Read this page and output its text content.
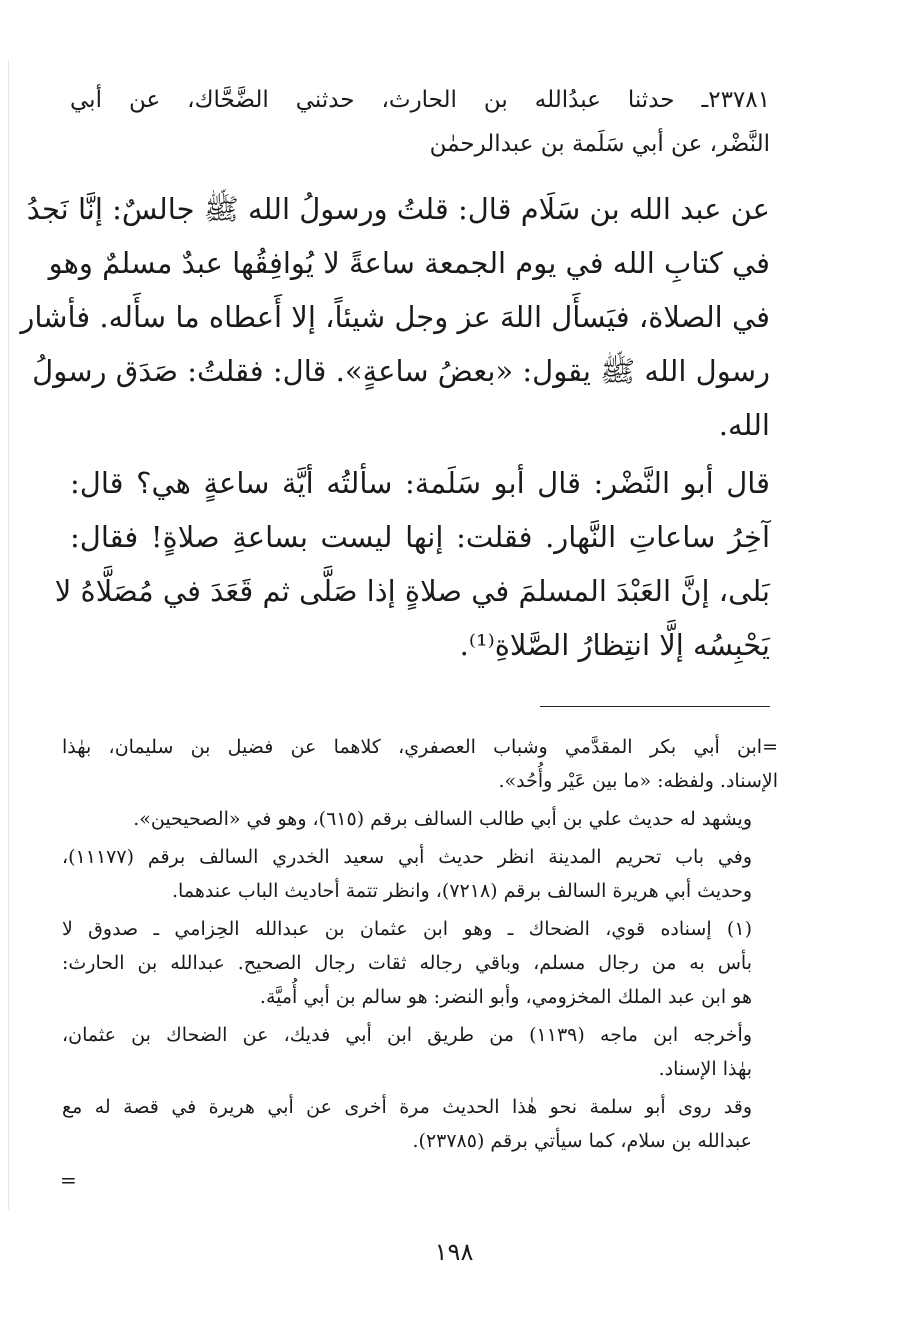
٢٣٧٨١ـ حدثنا عبدُالله بن الحارث، حدثني الضَّحَّاك، عن أبي
النَّضْر، عن أبي سَلَمة بن عبدالرحمٰن
عن عبد الله بن سَلَام قال: قلتُ ورسولُ الله ﷺ جالسٌ: إنَّا نَجدُ
في كتابِ الله في يوم الجمعة ساعةً لا يُوافِقُها عبدٌ مسلمٌ وهو
في الصلاة، فيَسأَل اللهَ عز وجل شيئاً، إلا أَعطاه ما سأَله. فأشار
رسول الله ﷺ يقول: «بعضُ ساعةٍ». قال: فقلتُ: صَدَق رسولُ
الله.
قال أبو النَّضْر: قال أبو سَلَمة: سألتُه أيَّة ساعةٍ هي؟ قال:
آخِرُ ساعاتِ النَّهار. فقلت: إنها ليست بساعةِ صلاةٍ! فقال:
بَلى، إنَّ العَبْدَ المسلمَ في صلاةٍ إذا صَلَّى ثم قَعَدَ في مُصَلَّاهُ لا
يَحْبِسُه إلَّا انتِظارُ الصَّلاةِ⁽¹⁾.
=ابن أبي بكر المقدَّمي وشباب العصفري، كلاهما عن فضيل بن سليمان، بهٰذا
الإسناد. ولفظه: «ما بين عَيْر وأُحُد».
ويشهد له حديث علي بن أبي طالب السالف برقم (٦١٥)، وهو في «الصحيحين».
وفي باب تحريم المدينة انظر حديث أبي سعيد الخدري السالف برقم (١١١٧٧)،
وحديث أبي هريرة السالف برقم (٧٢١٨)، وانظر تتمة أحاديث الباب عندهما.
(١) إسناده قوي، الضحاك ـ وهو ابن عثمان بن عبدالله الحِزامي ـ صدوق لا
بأس به من رجال مسلم، وباقي رجاله ثقات رجال الصحيح. عبدالله بن الحارث:
هو ابن عبد الملك المخزومي، وأبو النضر: هو سالم بن أبي أُميَّة.
وأخرجه ابن ماجه (١١٣٩) من طريق ابن أبي فديك، عن الضحاك بن عثمان،
بهٰذا الإسناد.
وقد روى أبو سلمة نحو هٰذا الحديث مرة أخرى عن أبي هريرة في قصة له مع
عبدالله بن سلام، كما سيأتي برقم (٢٣٧٨٥).
=
١٩٨
